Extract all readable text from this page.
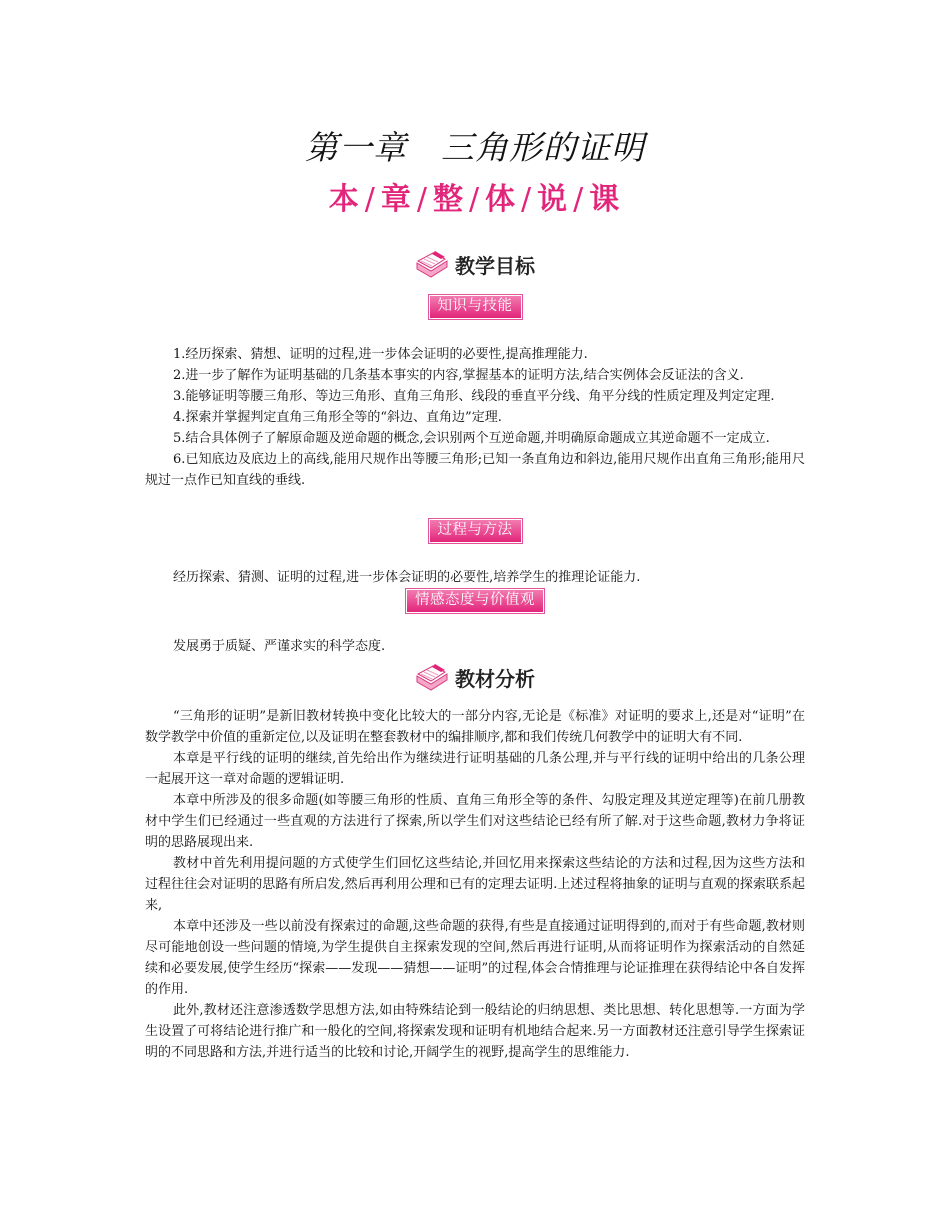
第一章　三角形的证明
本 / 章 / 整 / 体 / 说 / 课
教学目标
知识与技能

1.经历探索、猜想、证明的过程,进一步体会证明的必要性,提高推理能力.

2.进一步了解作为证明基础的几条基本事实的内容,掌握基本的证明方法,结合实例体会反证法的含义.

3.能够证明等腰三角形、等边三角形、直角三角形、线段的垂直平分线、角平分线的性质定理及判定定理.

4.探索并掌握判定直角三角形全等的“斜边、直角边”定理.

5.结合具体例子了解原命题及逆命题的概念,会识别两个互逆命题,并明确原命题成立其逆命题不一定成立.

6.已知底边及底边上的高线,能用尺规作出等腰三角形;已知一条直角边和斜边,能用尺规作出直角三角形;能用尺规过一点作已知直线的垂线.

过程与方法

经历探索、猜测、证明的过程,进一步体会证明的必要性,培养学生的推理论证能力.

情感态度与价值观

发展勇于质疑、严谨求实的科学态度.

教材分析

“三角形的证明”是新旧教材转换中变化比较大的一部分内容,无论是《标准》对证明的要求上,还是对“证明”在数学教学中价值的重新定位,以及证明在整套教材中的编排顺序,都和我们传统几何教学中的证明大有不同.

本章是平行线的证明的继续,首先给出作为继续进行证明基础的几条公理,并与平行线的证明中给出的几条公理一起展开这一章对命题的逻辑证明.

本章中所涉及的很多命题(如等腰三角形的性质、直角三角形全等的条件、勾股定理及其逆定理等)在前几册教材中学生们已经通过一些直观的方法进行了探索,所以学生们对这些结论已经有所了解.对于这些命题,教材力争将证明的思路展现出来.

教材中首先利用提问题的方式使学生们回忆这些结论,并回忆用来探索这些结论的方法和过程,因为这些方法和过程往往会对证明的思路有所启发,然后再利用公理和已有的定理去证明.上述过程将抽象的证明与直观的探索联系起来,

本章中还涉及一些以前没有探索过的命题,这些命题的获得,有些是直接通过证明得到的,而对于有些命题,教材则尽可能地创设一些问题的情境,为学生提供自主探索发现的空间,然后再进行证明,从而将证明作为探索活动的自然延续和必要发展,使学生经历“探索——发现——猜想——证明”的过程,体会合情推理与论证推理在获得结论中各自发挥的作用.

此外,教材还注意渗透数学思想方法,如由特殊结论到一般结论的归纳思想、类比思想、转化思想等.一方面为学生设置了可将结论进行推广和一般化的空间,将探索发现和证明有机地结合起来.另一方面教材还注意引导学生探索证明的不同思路和方法,并进行适当的比较和讨论,开阔学生的视野,提高学生的思维能力.
